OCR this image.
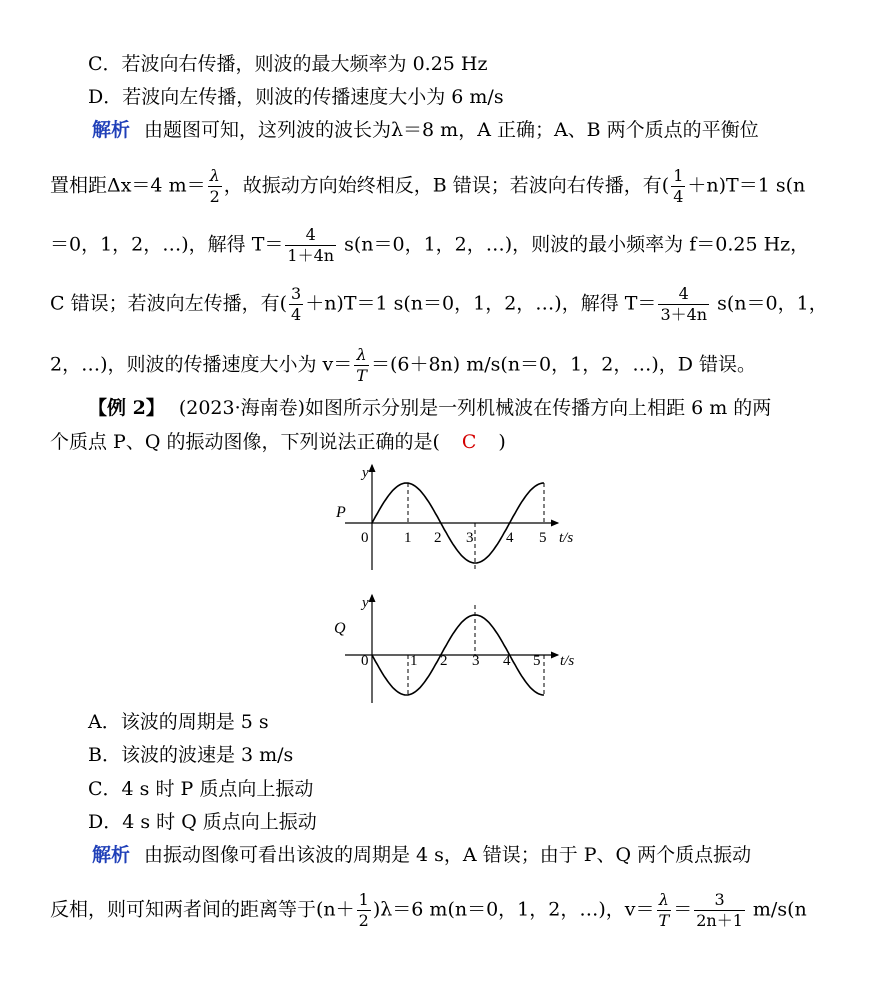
C．若波向右传播，则波的最大频率为 0.25 Hz
D．若波向左传播，则波的传播速度大小为 6 m/s
解析 由题图可知，这列波的波长为λ＝8 m，A 正确；A、B 两个质点的平衡位
置相距Δx＝4 $m= \frac{\lambda}{2}$ ，故振动方向始终相反，B 错误；若波向右传播，有( $\frac{1}{4} +n)T=1$ s(n
＝0，1，2，…)，解得 $T= \frac{4}{1+4n} s(n=0$，1，2，…)，则波的最小频率为 f＝0.25 Hz，
C 错误；若波向左传播，有( $\frac{3}{4} +n)T=1$ s(n＝0，1，2，…)，解得 $T= \frac{4}{3+4n} s(n=0$，1，
2，…)，则波的传播速度大小为 $v= \frac{\lambda}{T} =(6+8n)$ m/s(n＝0，1，2，…)，D 错误。
【例 2】 (2023·海南卷)如图所示分别是一列机械波在传播方向上相距 6 m 的两
个质点 P、Q 的振动图像，下列说法正确的是( C )
y
P
0 1 2 3 4 5 t/s
y
Q
0	1 2 3 4 5 t/s
A．该波的周期是 5 s
B．该波的波速是 3 m/s
C．4 s 时 P 质点向上振动
D．4 s 时 Q 质点向上振动
解析 由振动图像可看出该波的周期是 4 s，A 错误；由于 P、Q 两个质点振动
反相，则可知两者间的距离等于$(n+ \frac{1}{2} )\lambda=6$ m(n＝0，1，2，…)，$v= \frac{\lambda}{T} = \frac{3}{2n+1} m/s(n$
